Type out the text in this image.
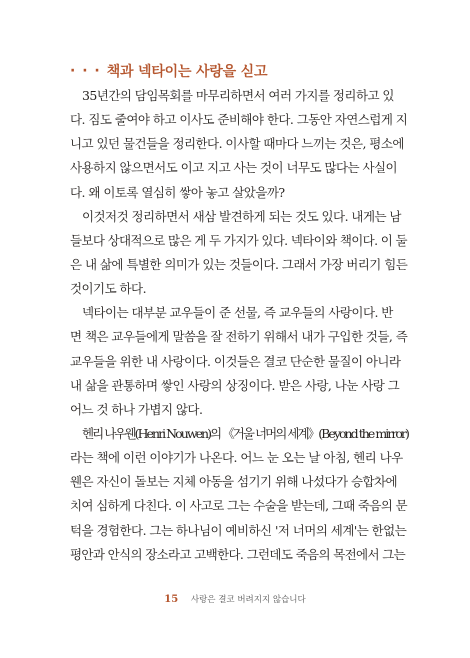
· · · 책과 넥타이는 사랑을 싣고
35년간의 담임목회를 마무리하면서 여러 가지를 정리하고 있
다. 짐도 줄여야 하고 이사도 준비해야 한다. 그동안 자연스럽게 지
니고 있던 물건들을 정리한다. 이사할 때마다 느끼는 것은, 평소에
사용하지 않으면서도 이고 지고 사는 것이 너무도 많다는 사실이
다. 왜 이토록 열심히 쌓아 놓고 살았을까?
이것저것 정리하면서 새삼 발견하게 되는 것도 있다. 내게는 남
들보다 상대적으로 많은 게 두 가지가 있다. 넥타이와 책이다. 이 둘
은 내 삶에 특별한 의미가 있는 것들이다. 그래서 가장 버리기 힘든
것이기도 하다.
넥타이는 대부분 교우들이 준 선물, 즉 교우들의 사랑이다. 반
면 책은 교우들에게 말씀을 잘 전하기 위해서 내가 구입한 것들, 즉
교우들을 위한 내 사랑이다. 이것들은 결코 단순한 물질이 아니라
내 삶을 관통하며 쌓인 사랑의 상징이다. 받은 사랑, 나눈 사랑 그
어느 것 하나 가볍지 않다.
헨리 나우웬(Henri Nouwen)의 《거울 너머의 세계》(Beyond the mirror)
라는 책에 이런 이야기가 나온다. 어느 눈 오는 날 아침, 헨리 나우
웬은 자신이 돌보는 지체 아동을 섬기기 위해 나섰다가 승합차에
치여 심하게 다친다. 이 사고로 그는 수술을 받는데, 그때 죽음의 문
턱을 경험한다. 그는 하나님이 예비하신 '저 너머의 세계'는 한없는
평안과 안식의 장소라고 고백한다. 그런데도 죽음의 목전에서 그는
15 사랑은 결코 버려지지 않습니다
